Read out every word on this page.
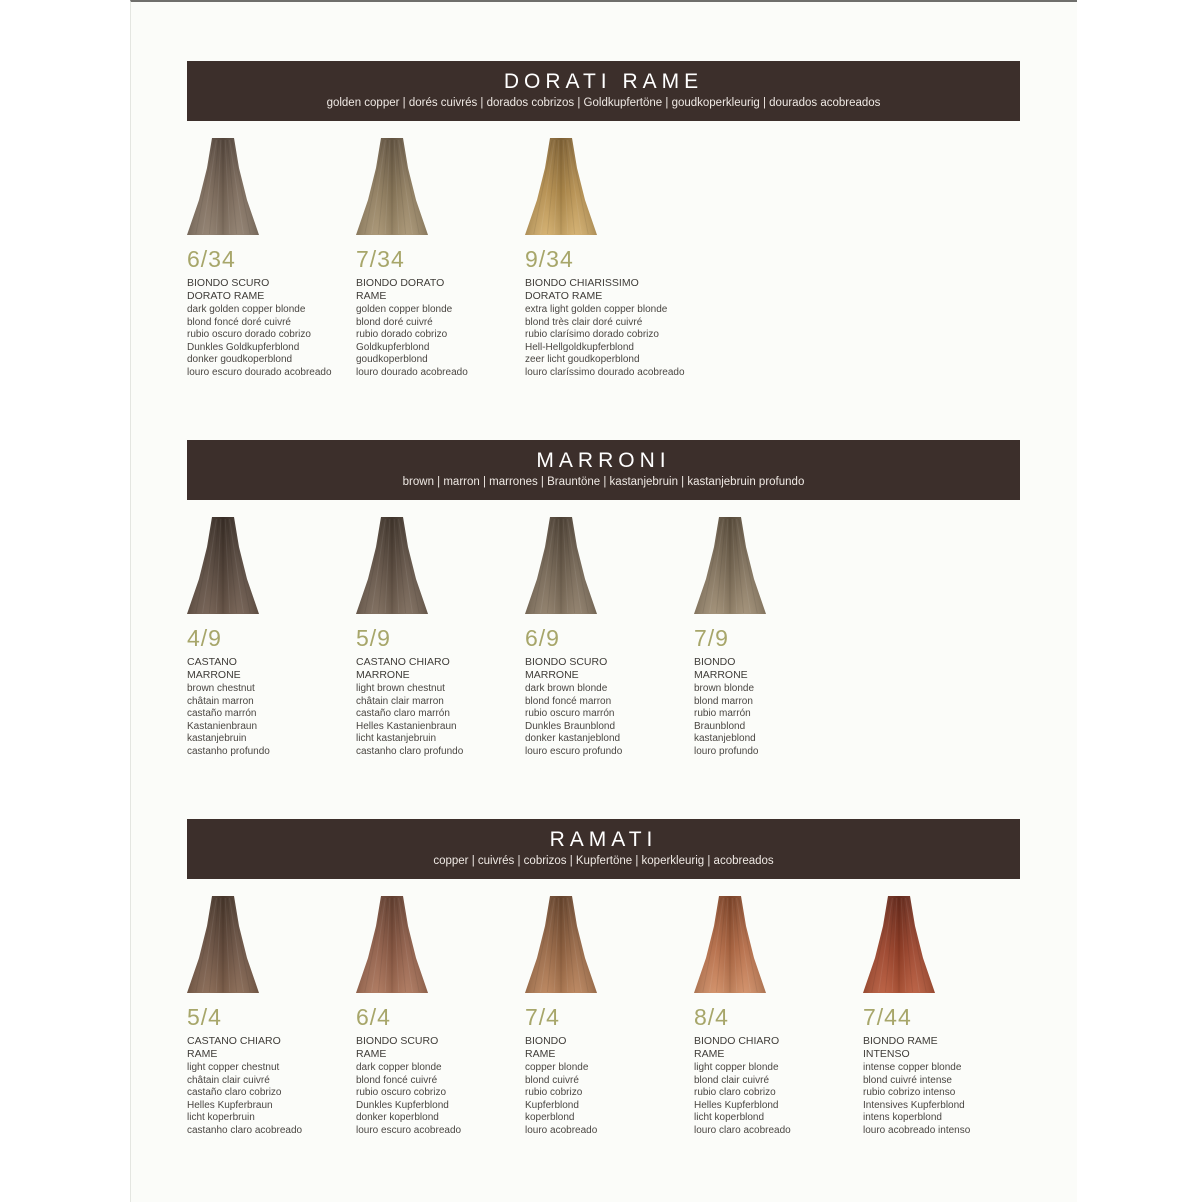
DORATI RAME
golden copper | dorés cuivrés | dorados cobrizos | Goldkupfertöne | goudkoperkleurig | dourados acobreados
6/34
BIONDO SCURO
DORATO RAME
dark golden copper blonde
blond foncé doré cuivré
rubio oscuro dorado cobrizo
Dunkles Goldkupferblond
donker goudkoperblond
louro escuro dourado acobreado
7/34
BIONDO DORATO
RAME
golden copper blonde
blond doré cuivré
rubio dorado cobrizo
Goldkupferblond
goudkoperblond
louro dourado acobreado
9/34
BIONDO CHIARISSIMO
DORATO RAME
extra light golden copper blonde
blond très clair doré cuivré
rubio clarísimo dorado cobrizo
Hell-Hellgoldkupferblond
zeer licht goudkoperblond
louro claríssimo dourado acobreado
MARRONI
brown | marron | marrones | Brauntöne | kastanjebruin | kastanjebruin profundo
4/9
CASTANO
MARRONE
brown chestnut
châtain marron
castaño marrón
Kastanienbraun
kastanjebruin
castanho profundo
5/9
CASTANO CHIARO
MARRONE
light brown chestnut
châtain clair marron
castaño claro marrón
Helles Kastanienbraun
licht kastanjebruin
castanho claro profundo
6/9
BIONDO SCURO
MARRONE
dark brown blonde
blond foncé marron
rubio oscuro marrón
Dunkles Braunblond
donker kastanjeblond
louro escuro profundo
7/9
BIONDO
MARRONE
brown blonde
blond marron
rubio marrón
Braunblond
kastanjeblond
louro profundo
RAMATI
copper | cuivrés | cobrizos | Kupfertöne | koperkleurig | acobreados
5/4
CASTANO CHIARO
RAME
light copper chestnut
châtain clair cuivré
castaño claro cobrizo
Helles Kupferbraun
licht koperbruin
castanho claro acobreado
6/4
BIONDO SCURO
RAME
dark copper blonde
blond foncé cuivré
rubio oscuro cobrizo
Dunkles Kupferblond
donker koperblond
louro escuro acobreado
7/4
BIONDO
RAME
copper blonde
blond cuivré
rubio cobrizo
Kupferblond
koperblond
louro acobreado
8/4
BIONDO CHIARO
RAME
light copper blonde
blond clair cuivré
rubio claro cobrizo
Helles Kupferblond
licht koperblond
louro claro acobreado
7/44
BIONDO RAME
INTENSO
intense copper blonde
blond cuivré intense
rubio cobrizo intenso
Intensives Kupferblond
intens koperblond
louro acobreado intenso
